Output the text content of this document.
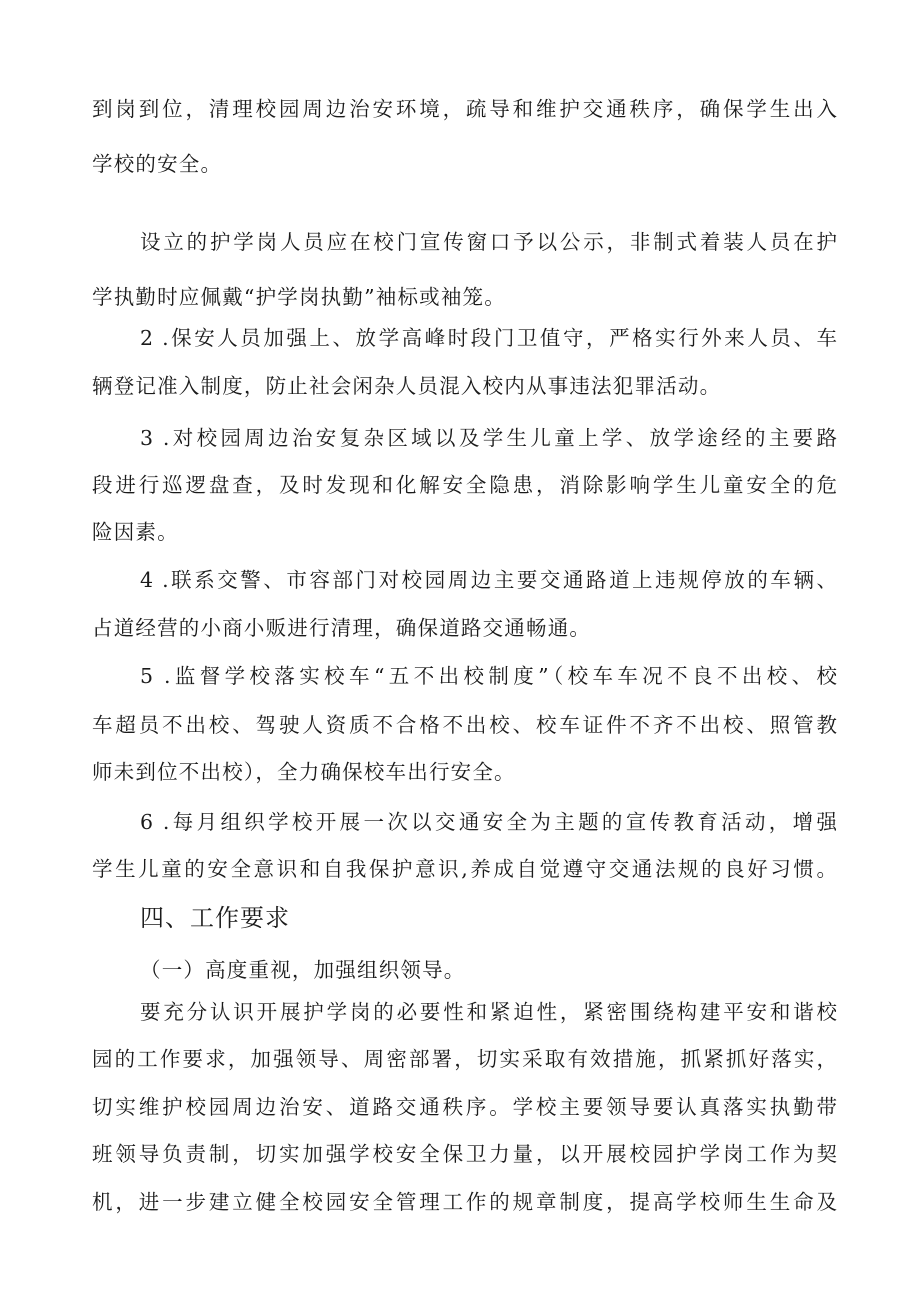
到岗到位，清理校园周边治安环境，疏导和维护交通秩序，确保学生出入
学校的安全。
设立的护学岗人员应在校门宣传窗口予以公示，非制式着装人员在护
学执勤时应佩戴“护学岗执勤”袖标或袖笼。
2 .保安人员加强上、放学高峰时段门卫值守，严格实行外来人员、车
辆登记准入制度，防止社会闲杂人员混入校内从事违法犯罪活动。
3 .对校园周边治安复杂区域以及学生儿童上学、放学途经的主要路
段进行巡逻盘查，及时发现和化解安全隐患，消除影响学生儿童安全的危
险因素。
4 .联系交警、市容部门对校园周边主要交通路道上违规停放的车辆、
占道经营的小商小贩进行清理，确保道路交通畅通。
5 .监督学校落实校车“五不出校制度”（校车车况不良不出校、校
车超员不出校、驾驶人资质不合格不出校、校车证件不齐不出校、照管教
师未到位不出校），全力确保校车出行安全。
6 .每月组织学校开展一次以交通安全为主题的宣传教育活动，增强
学生儿童的安全意识和自我保护意识,养成自觉遵守交通法规的良好习惯。
四、工作要求
（一）高度重视，加强组织领导。
要充分认识开展护学岗的必要性和紧迫性，紧密围绕构建平安和谐校
园的工作要求，加强领导、周密部署，切实采取有效措施，抓紧抓好落实，
切实维护校园周边治安、道路交通秩序。学校主要领导要认真落实执勤带
班领导负责制，切实加强学校安全保卫力量，以开展校园护学岗工作为契
机，进一步建立健全校园安全管理工作的规章制度，提高学校师生生命及
